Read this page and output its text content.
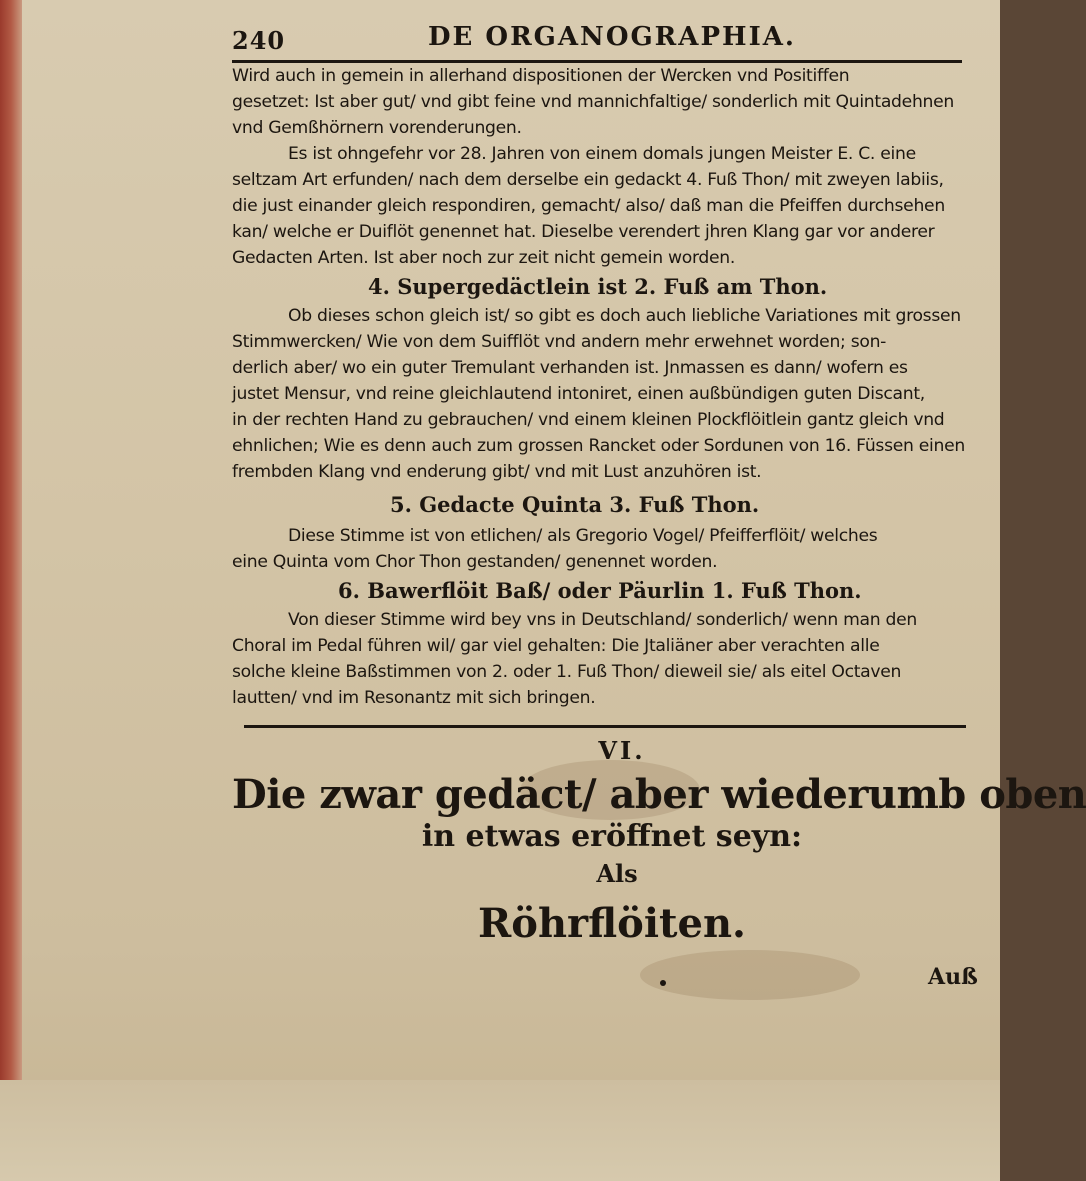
240	DE ORGANOGRAPHIA.
Wird auch in gemein in allerhand dispositionen der Wercken vnd Positiffen
gesetzet: Ist aber gut/ vnd gibt feine vnd mannichfaltige/ sonderlich mit Quintadehnen
vnd Gemßhörnern vorenderungen.
Es ist ohngefehr vor 28. Jahren von einem domals jungen Meister E. C. eine
seltzam Art erfunden/ nach dem derselbe ein gedackt 4. Fuß Thon/ mit zweyen labiis,
die just einander gleich respondiren, gemacht/ also/ daß man die Pfeiffen durchsehen
kan/ welche er Duiflöt genennet hat. Dieselbe verendert jhren Klang gar vor anderer
Gedacten Arten. Ist aber noch zur zeit nicht gemein worden.
4. Supergedäctlein ist 2. Fuß am Thon.
Ob dieses schon gleich ist/ so gibt es doch auch liebliche Variationes mit grossen
Stimmwercken/ Wie von dem Suifflöt vnd andern mehr erwehnet worden; son-
derlich aber/ wo ein guter Tremulant verhanden ist. Jnmassen es dann/ wofern es
justet Mensur, vnd reine gleichlautend intoniret, einen außbündigen guten Discant,
in der rechten Hand zu gebrauchen/ vnd einem kleinen Plockflöitlein gantz gleich vnd
ehnlichen; Wie es denn auch zum grossen Rancket oder Sordunen von 16. Füssen einen
frembden Klang vnd enderung gibt/ vnd mit Lust anzuhören ist.
5. Gedacte Quinta 3. Fuß Thon.
Diese Stimme ist von etlichen/ als Gregorio Vogel/ Pfeifferflöit/ welches
eine Quinta vom Chor Thon gestanden/ genennet worden.
6. Bawerflöit Baß/ oder Päurlin 1. Fuß Thon.
Von dieser Stimme wird bey vns in Deutschland/ sonderlich/ wenn man den
Choral im Pedal führen wil/ gar viel gehalten: Die Jtaliäner aber verachten alle
solche kleine Baßstimmen von 2. oder 1. Fuß Thon/ dieweil sie/ als eitel Octaven
lautten/ vnd im Resonantz mit sich bringen.
VI.
Die zwar gedäct/ aber wiederumb oben
in etwas eröffnet seyn:
Als
Röhrflöiten.
Auß
